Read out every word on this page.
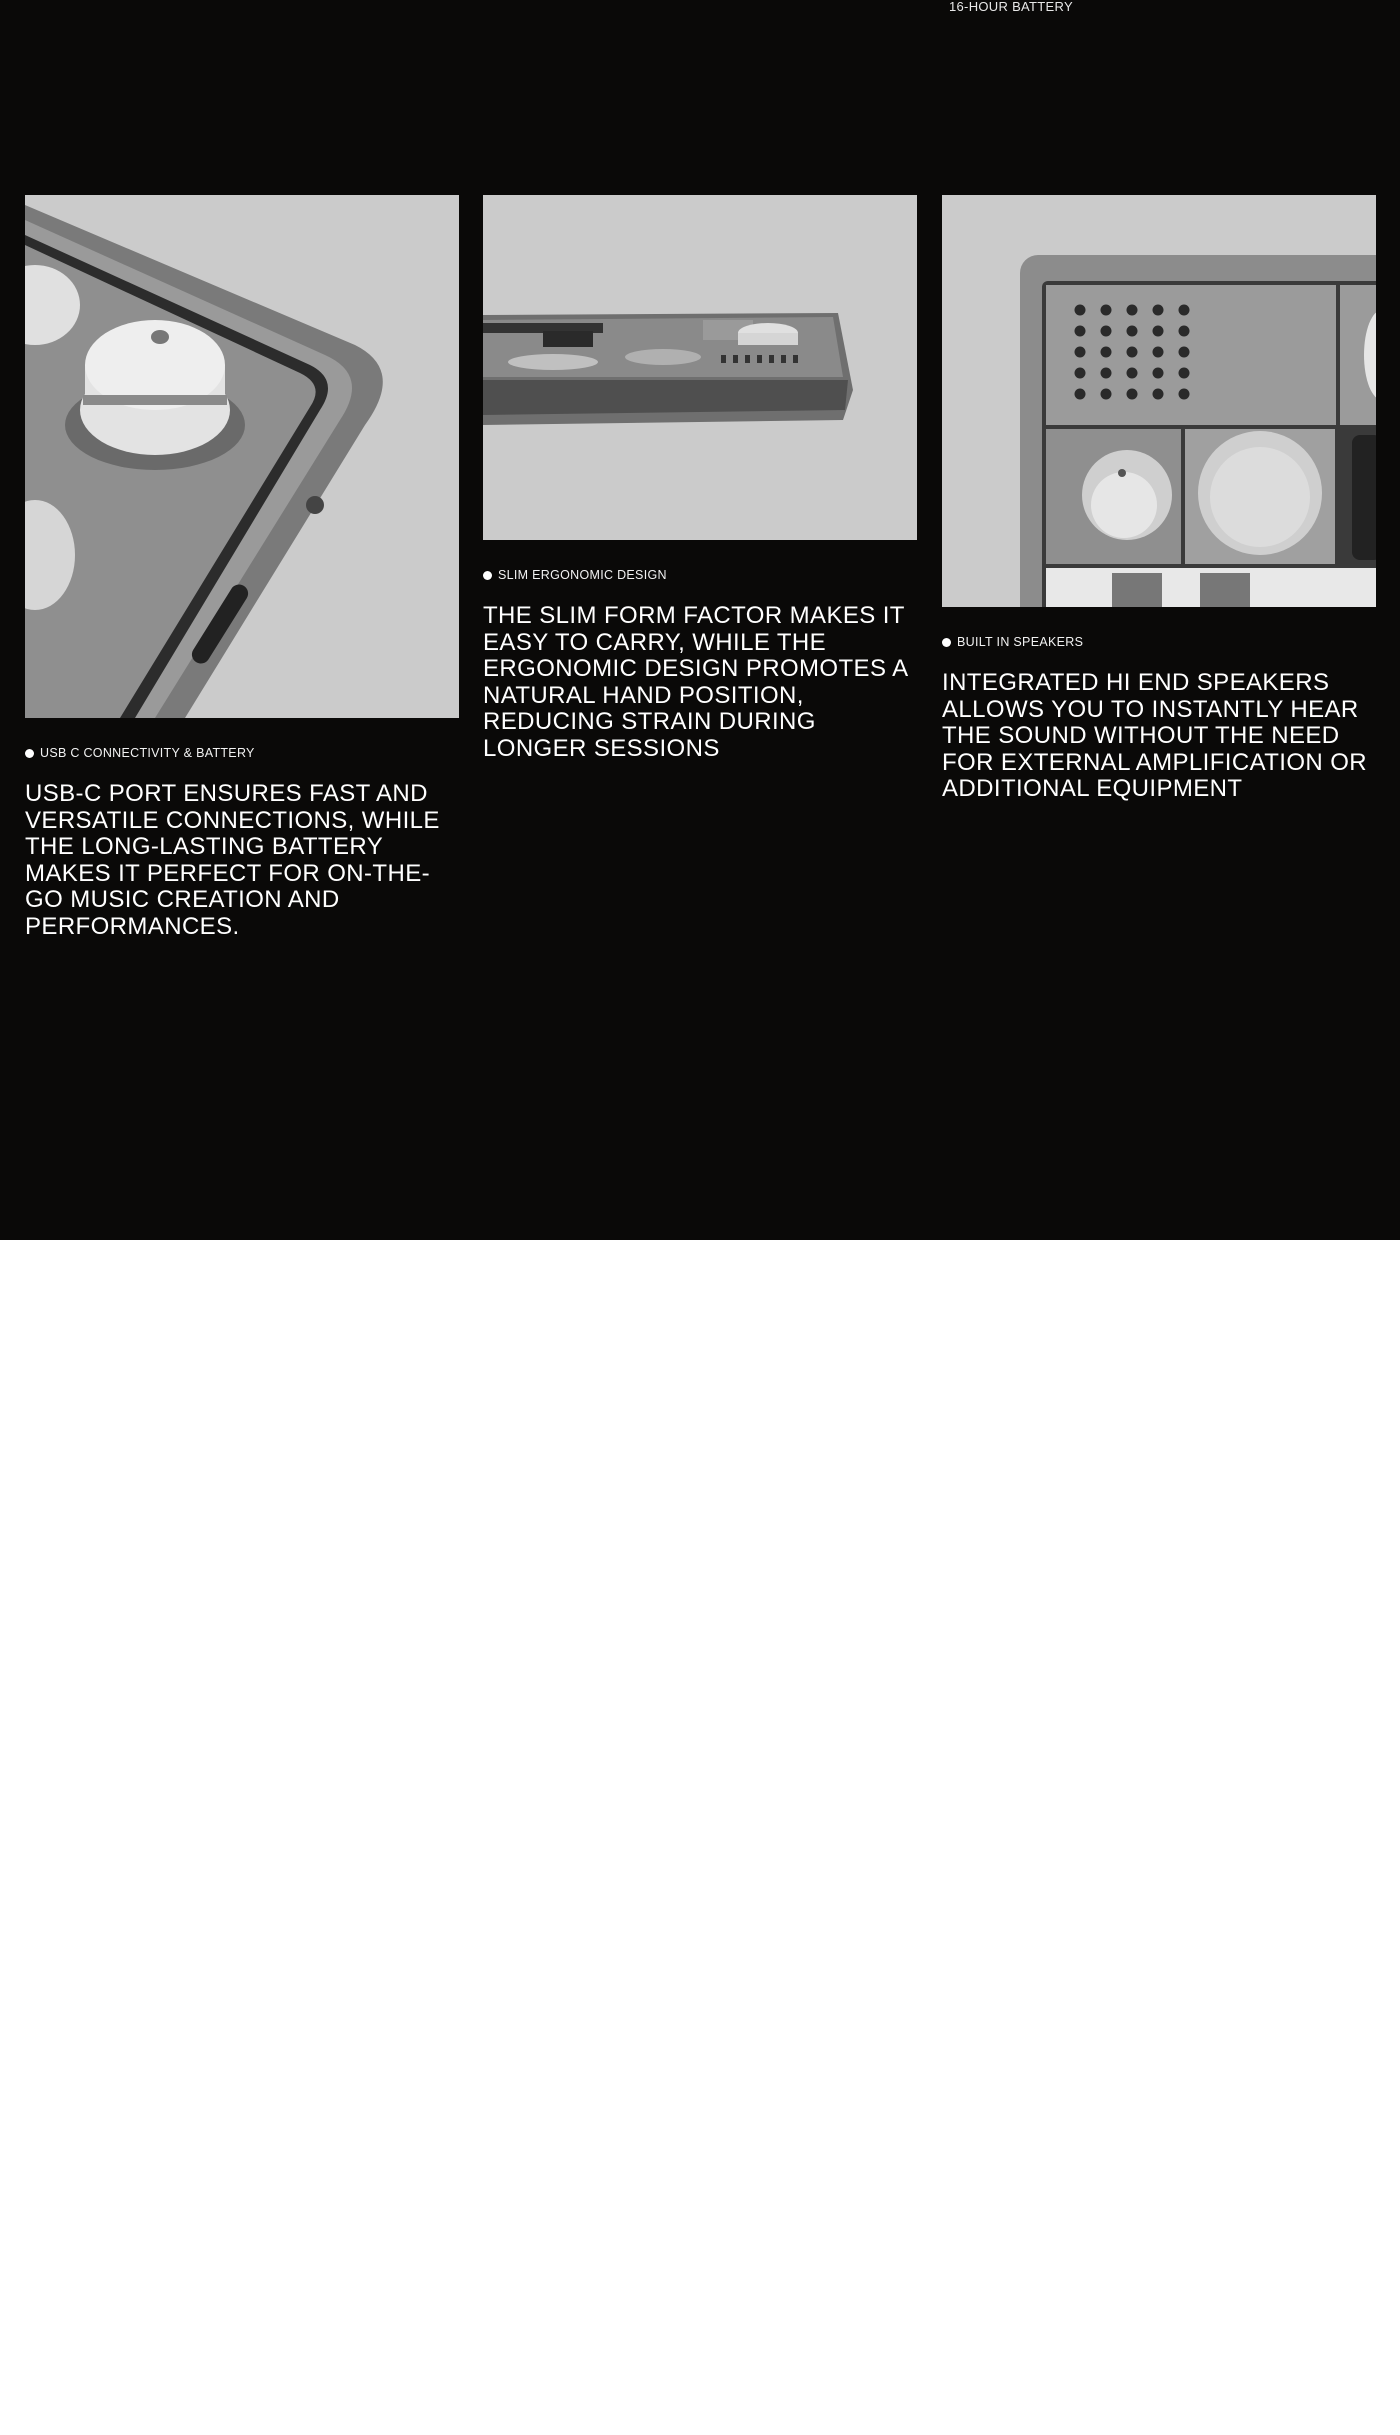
16-HOUR BATTERY
USB C CONNECTIVITY & BATTERY

USB-C PORT ENSURES FAST AND VERSATILE CONNECTIONS, WHILE THE LONG-LASTING BATTERY MAKES IT PERFECT FOR ON-THE-GO MUSIC CREATION AND PERFORMANCES.

SLIM ERGONOMIC DESIGN

THE SLIM FORM FACTOR MAKES IT EASY TO CARRY, WHILE THE ERGONOMIC DESIGN PROMOTES A NATURAL HAND POSITION, REDUCING STRAIN DURING LONGER SESSIONS

BUILT IN SPEAKERS

INTEGRATED HI END SPEAKERS ALLOWS YOU TO INSTANTLY HEAR THE SOUND WITHOUT THE NEED FOR EXTERNAL AMPLIFICATION OR ADDITIONAL EQUIPMENT
